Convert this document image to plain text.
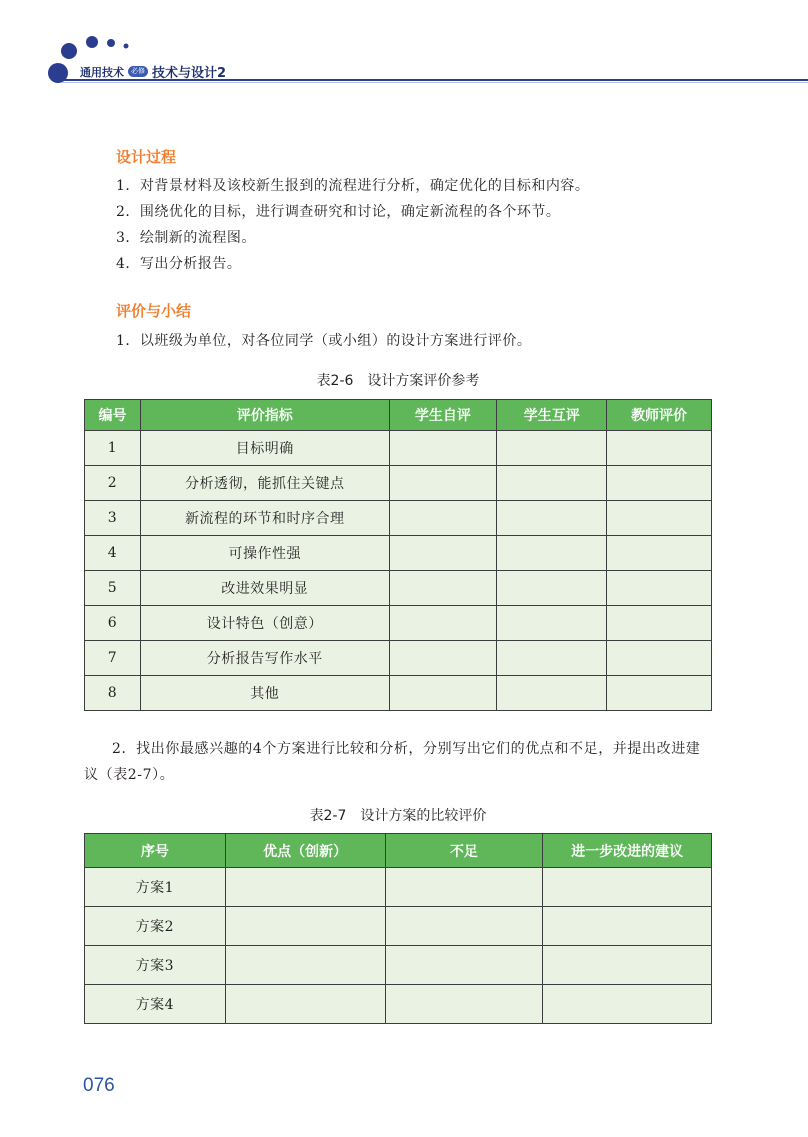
通用技术	必修 技术与设计2
设计过程
1．对背景材料及该校新生报到的流程进行分析，确定优化的目标和内容。
2．围绕优化的目标，进行调查研究和讨论，确定新流程的各个环节。
3．绘制新的流程图。
4．写出分析报告。
评价与小结
1．以班级为单位，对各位同学（或小组）的设计方案进行评价。
表2-6　设计方案评价参考
编号	评价指标	学生自评	学生互评	教师评价
1	目标明确			
2	分析透彻，能抓住关键点			
3	新流程的环节和时序合理			
4	可操作性强			
5	改进效果明显			
6	设计特色（创意）			
7	分析报告写作水平			
8	其他			
2．找出你最感兴趣的4个方案进行比较和分析，分别写出它们的优点和不足，并提出改进建议（表2-7）。
表2-7　设计方案的比较评价
序号	优点（创新）	不足	进一步改进的建议
方案1			
方案2			
方案3			
方案4			
076
